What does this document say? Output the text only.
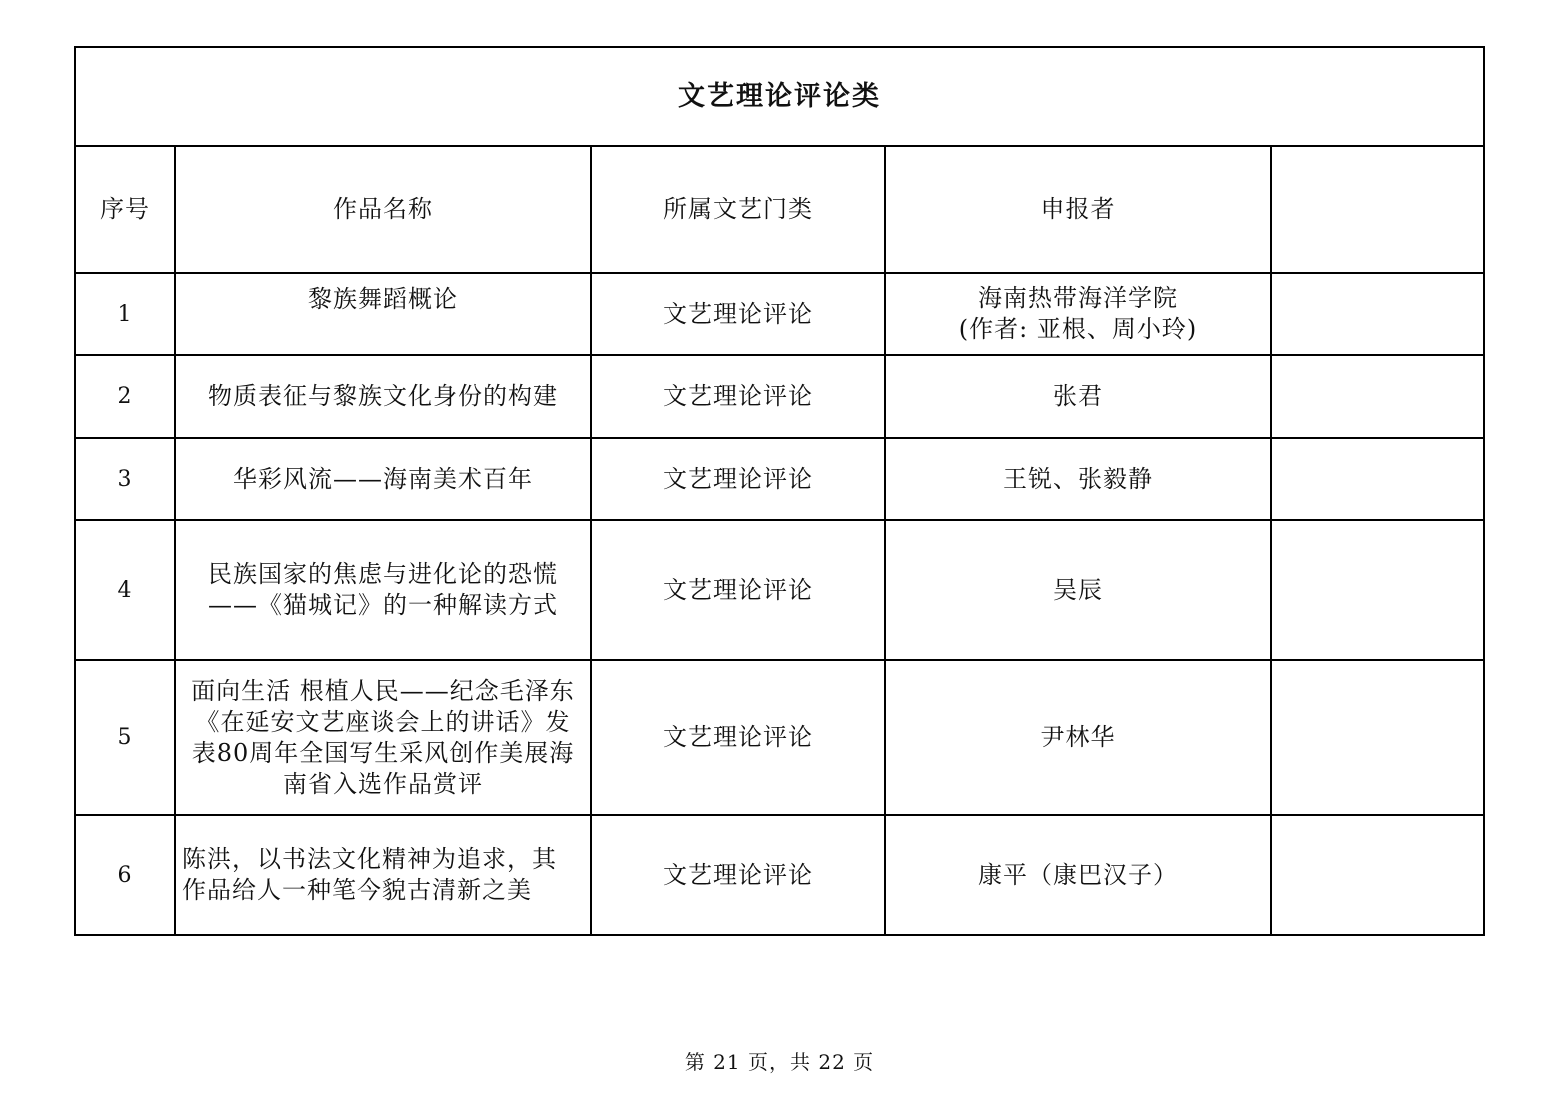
文艺理论评论类				
序号	作品名称	所属文艺门类	申报者	
1	黎族舞蹈概论	文艺理论评论	海南热带海洋学院
(作者: 亚根、周小玲)	

2	物质表征与黎族文化身份的构建	文艺理论评论	张君	

3	华彩风流——海南美术百年	文艺理论评论	王锐、张毅静	

4	民族国家的焦虑与进化论的恐慌
——《猫城记》的一种解读方式	文艺理论评论	吴辰	

5	面向生活 根植人民——纪念毛泽东
《在延安文艺座谈会上的讲话》发
表80周年全国写生采风创作美展海
南省入选作品赏评	文艺理论评论	尹林华	

6	陈洪，以书法文化精神为追求，其
作品给人一种笔今貌古清新之美	文艺理论评论	康平（康巴汉子）	

第 21 页，共 22 页
